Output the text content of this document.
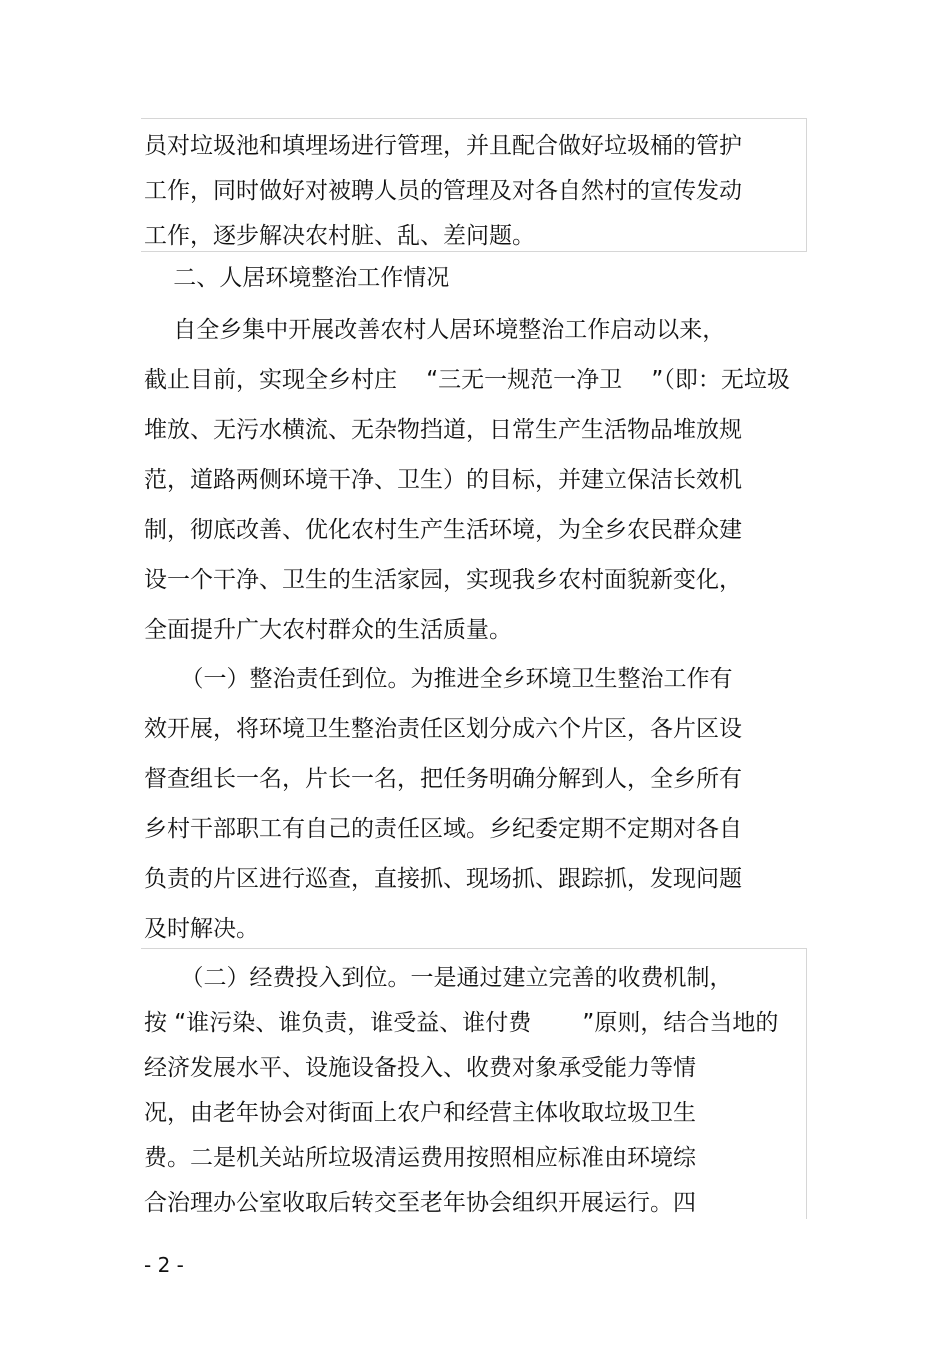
员对垃圾池和填埋场进行管理，并且配合做好垃圾桶的管护
工作，同时做好对被聘人员的管理及对各自然村的宣传发动
工作，逐步解决农村脏、乱、差问题。
二、人居环境整治工作情况
自全乡集中开展改善农村人居环境整治工作启动以来，
截止目前，实现全乡村庄    “三无一规范一净卫    ”（即：无垃圾
堆放、无污水横流、无杂物挡道，日常生产生活物品堆放规
范，道路两侧环境干净、卫生）的目标，并建立保洁长效机
制，彻底改善、优化农村生产生活环境，为全乡农民群众建
设一个干净、卫生的生活家园，实现我乡农村面貌新变化，
全面提升广大农村群众的生活质量。
（一）整治责任到位。为推进全乡环境卫生整治工作有
效开展，将环境卫生整治责任区划分成六个片区，各片区设
督查组长一名，片长一名，把任务明确分解到人，全乡所有
乡村干部职工有自己的责任区域。乡纪委定期不定期对各自
负责的片区进行巡查，直接抓、现场抓、跟踪抓，发现问题
及时解决。
（二）经费投入到位。一是通过建立完善的收费机制，
按 “谁污染、谁负责，谁受益、谁付费       ”原则，结合当地的
经济发展水平、设施设备投入、收费对象承受能力等情
况，由老年协会对街面上农户和经营主体收取垃圾卫生
费。二是机关站所垃圾清运费用按照相应标准由环境综
合治理办公室收取后转交至老年协会组织开展运行。四
- 2 -
